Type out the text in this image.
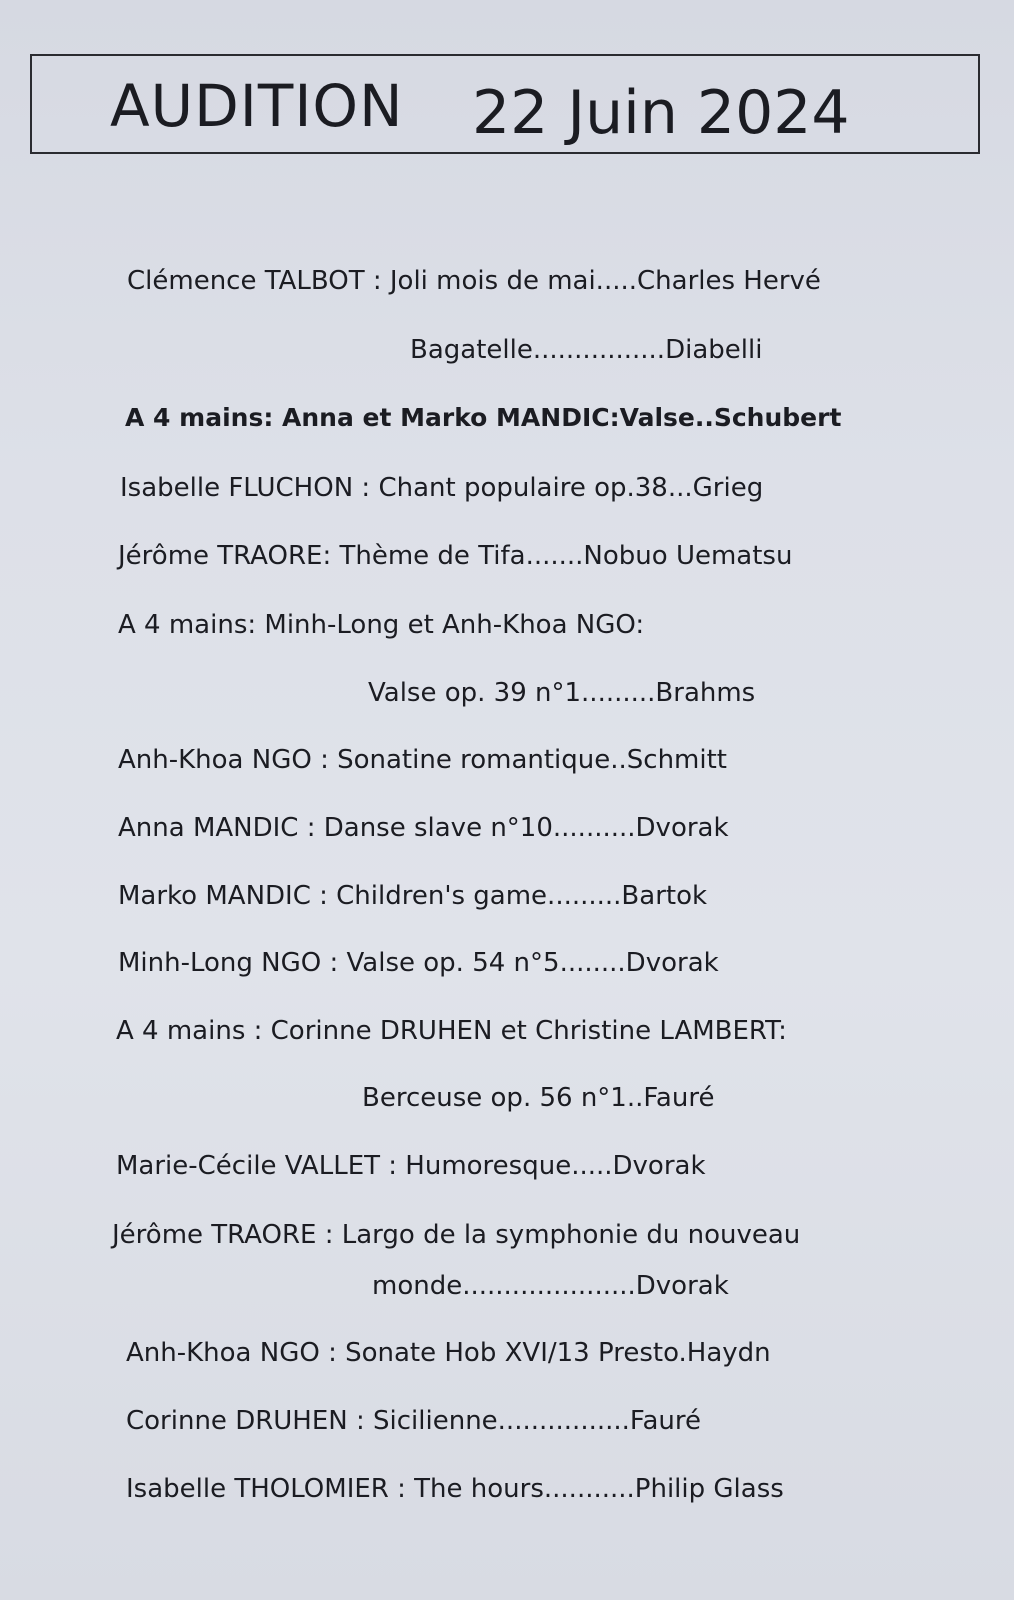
AUDITION 22 Juin 2024
Clémence TALBOT : Joli mois de mai.....Charles Hervé
Bagatelle................Diabelli
A 4 mains: Anna et Marko MANDIC:Valse..Schubert
Isabelle FLUCHON : Chant populaire op.38...Grieg
Jérôme TRAORE: Thème de Tifa.......Nobuo Uematsu
A 4 mains: Minh-Long et Anh-Khoa NGO:
Valse op. 39 n°1.........Brahms
Anh-Khoa NGO : Sonatine romantique..Schmitt
Anna MANDIC : Danse slave n°10..........Dvorak
Marko MANDIC : Children's game.........Bartok
Minh-Long NGO : Valse op. 54 n°5........Dvorak
A 4 mains : Corinne DRUHEN et Christine LAMBERT:
Berceuse op. 56 n°1..Fauré
Marie-Cécile VALLET : Humoresque.....Dvorak
Jérôme TRAORE : Largo de la symphonie du nouveau
monde.....................Dvorak
Anh-Khoa NGO : Sonate Hob XVI/13 Presto.Haydn
Corinne DRUHEN : Sicilienne................Fauré
Isabelle THOLOMIER : The hours...........Philip Glass
